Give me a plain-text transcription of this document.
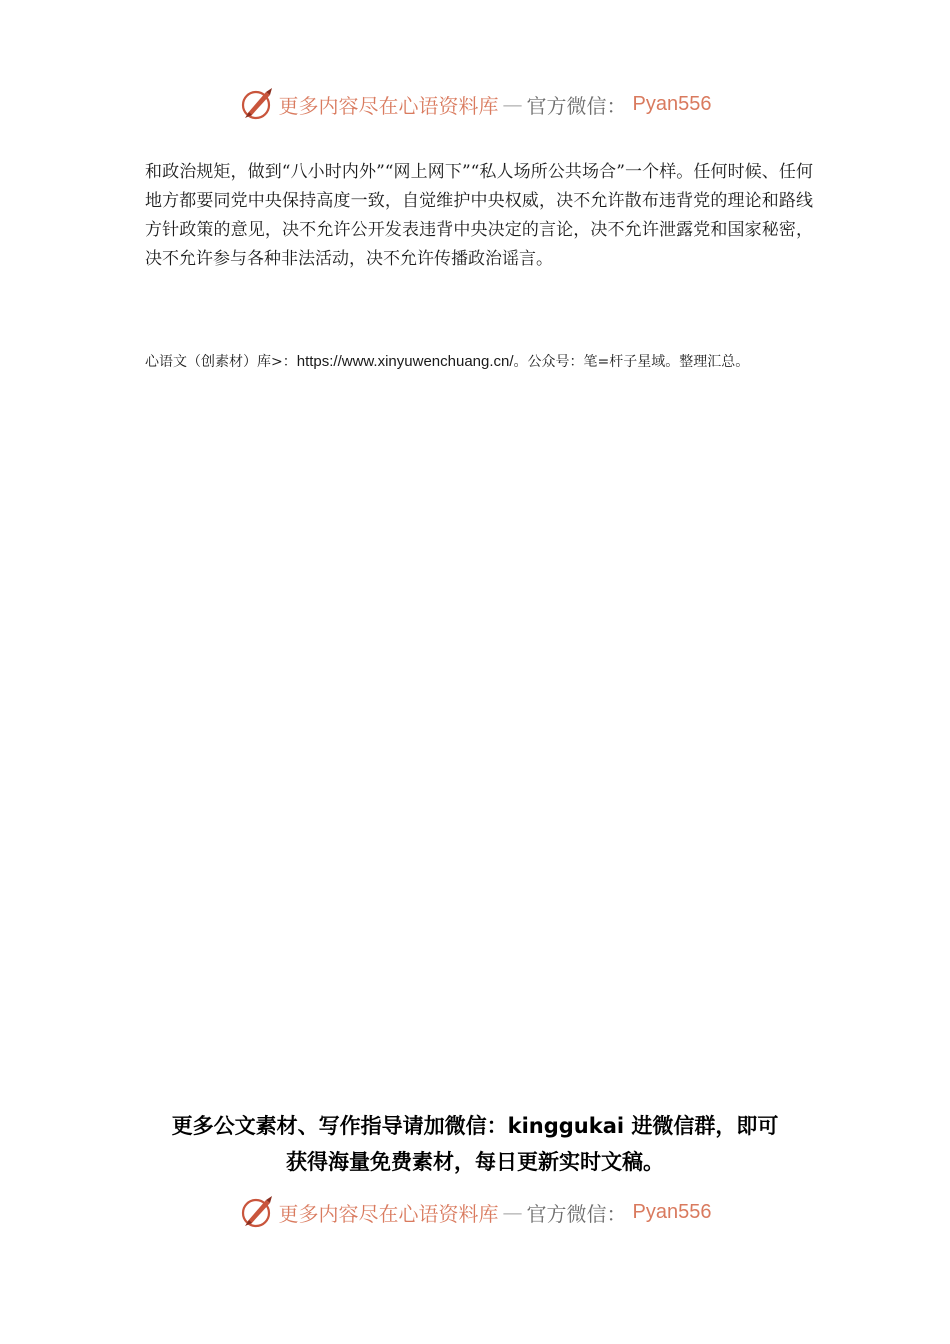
更多内容尽在心语资料库 — 官方微信： Pyan556

和政治规矩，做到“八小时内外”“网上网下”“私人场所公共场合”一个样。任何时候、任何地方都要同党中央保持高度一致，自觉维护中央权威，决不允许散布违背党的理论和路线方针政策的意见，决不允许公开发表违背中央决定的言论，决不允许泄露党和国家秘密，决不允许参与各种非法活动，决不允许传播政治谣言。

心语文（创素材）库>：https://www.xinyuwenchuang.cn/。公众号：笔=杆子星域。整理汇总。

更多公文素材、写作指导请加微信：kinggukai 进微信群，即可
获得海量免费素材，每日更新实时文稿。
更多内容尽在心语资料库 — 官方微信： Pyan556
